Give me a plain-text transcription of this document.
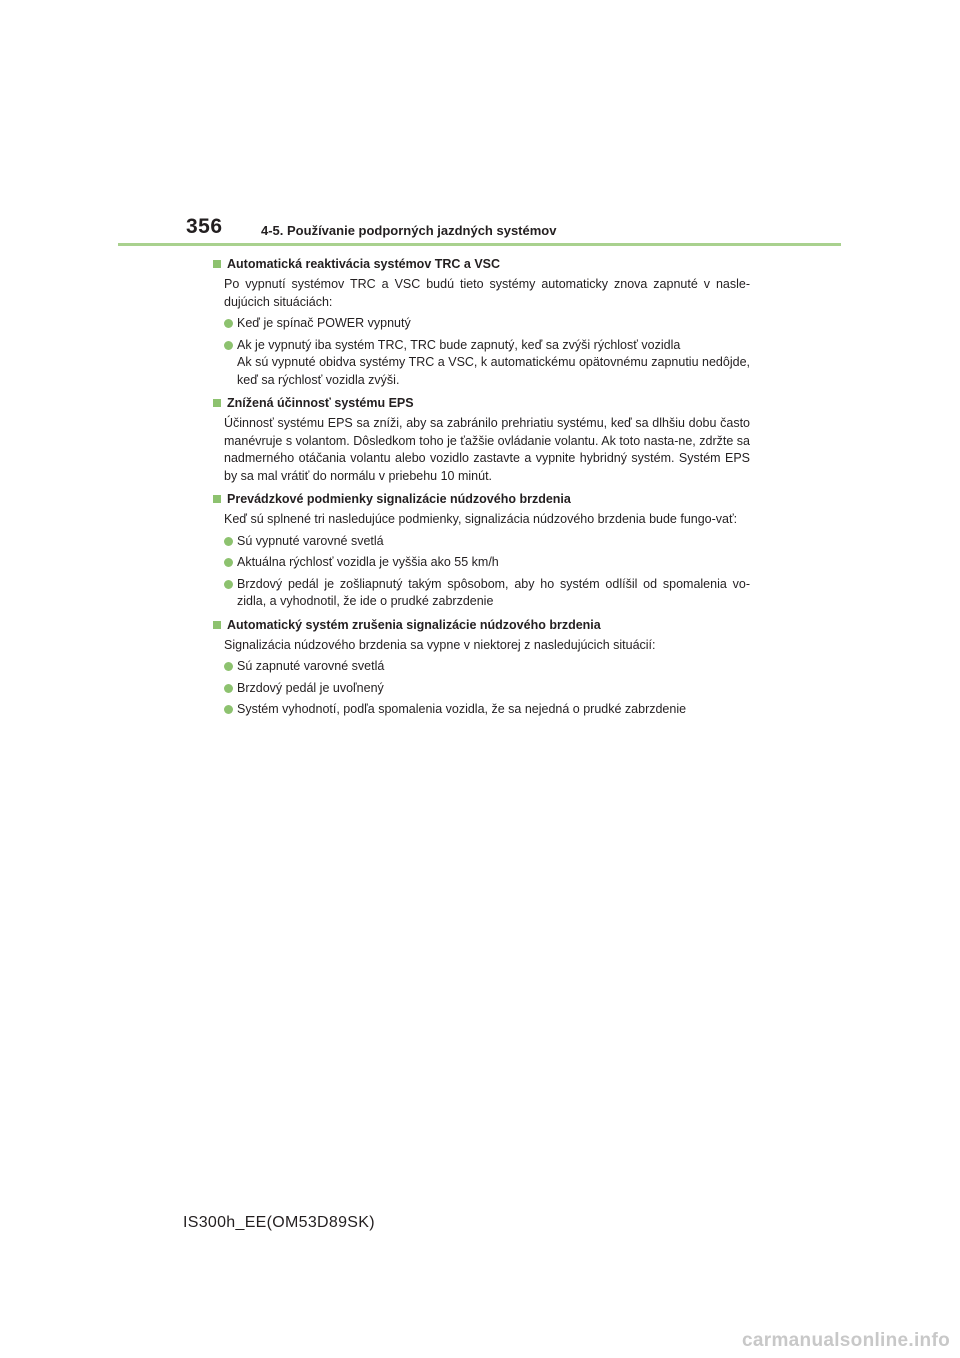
356	4-5. Používanie podporných jazdných systémov
Automatická reaktivácia systémov TRC a VSC

Po vypnutí systémov TRC a VSC budú tieto systémy automaticky znova zapnuté v nasle-dujúcich situáciách:

Keď je spínač POWER vypnutý
Ak je vypnutý iba systém TRC, TRC bude zapnutý, keď sa zvýši rýchlosť vozidla
Ak sú vypnuté obidva systémy TRC a VSC, k automatickému opätovnému zapnutiu nedôjde, keď sa rýchlosť vozidla zvýši.
Znížená účinnosť systému EPS

Účinnosť systému EPS sa zníži, aby sa zabránilo prehriatiu systému, keď sa dlhšiu dobu často manévruje s volantom. Dôsledkom toho je ťažšie ovládanie volantu. Ak toto nasta-ne, zdržte sa nadmerného otáčania volantu alebo vozidlo zastavte a vypnite hybridný systém. Systém EPS by sa mal vrátiť do normálu v priebehu 10 minút.

Prevádzkové podmienky signalizácie núdzového brzdenia

Keď sú splnené tri nasledujúce podmienky, signalizácia núdzového brzdenia bude fungo-vať:

Sú vypnuté varovné svetlá
Aktuálna rýchlosť vozidla je vyššia ako 55 km/h
Brzdový pedál je zošliapnutý takým spôsobom, aby ho systém odlíšil od spomalenia vo-zidla, a vyhodnotil, že ide o prudké zabrzdenie
Automatický systém zrušenia signalizácie núdzového brzdenia

Signalizácia núdzového brzdenia sa vypne v niektorej z nasledujúcich situácií:

Sú zapnuté varovné svetlá
Brzdový pedál je uvoľnený
Systém vyhodnotí, podľa spomalenia vozidla, že sa nejedná o prudké zabrzdenie
IS300h_EE(OM53D89SK)
carmanualsonline.info
